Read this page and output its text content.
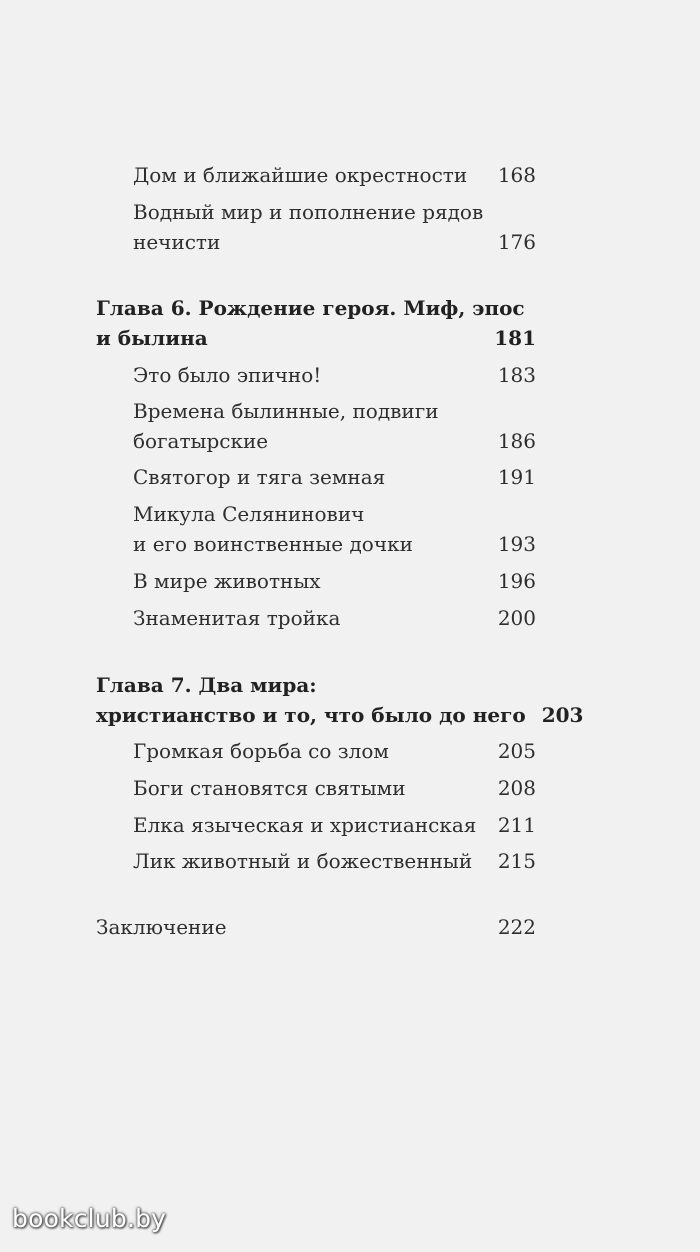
Дом и ближайшие окрестности 168
Водный мир и пополнение рядов
нечисти	176
Глава 6. Рождение героя. Миф, эпос
и былина	181
Это было эпично!	183
Времена былинные, подвиги
богатырские	186
Святогор и тяга земная	191
Микула Селянинович
и его воинственные дочки	193
В мире животных	196
Знаменитая тройка	200
Глава 7. Два мира:
христианство и то, что было до него 203
Громкая борьба со злом	205
Боги становятся святыми	208
Елка языческая и христианская 211
Лик животный и божественный 215
Заключение	222
bookclub.by
